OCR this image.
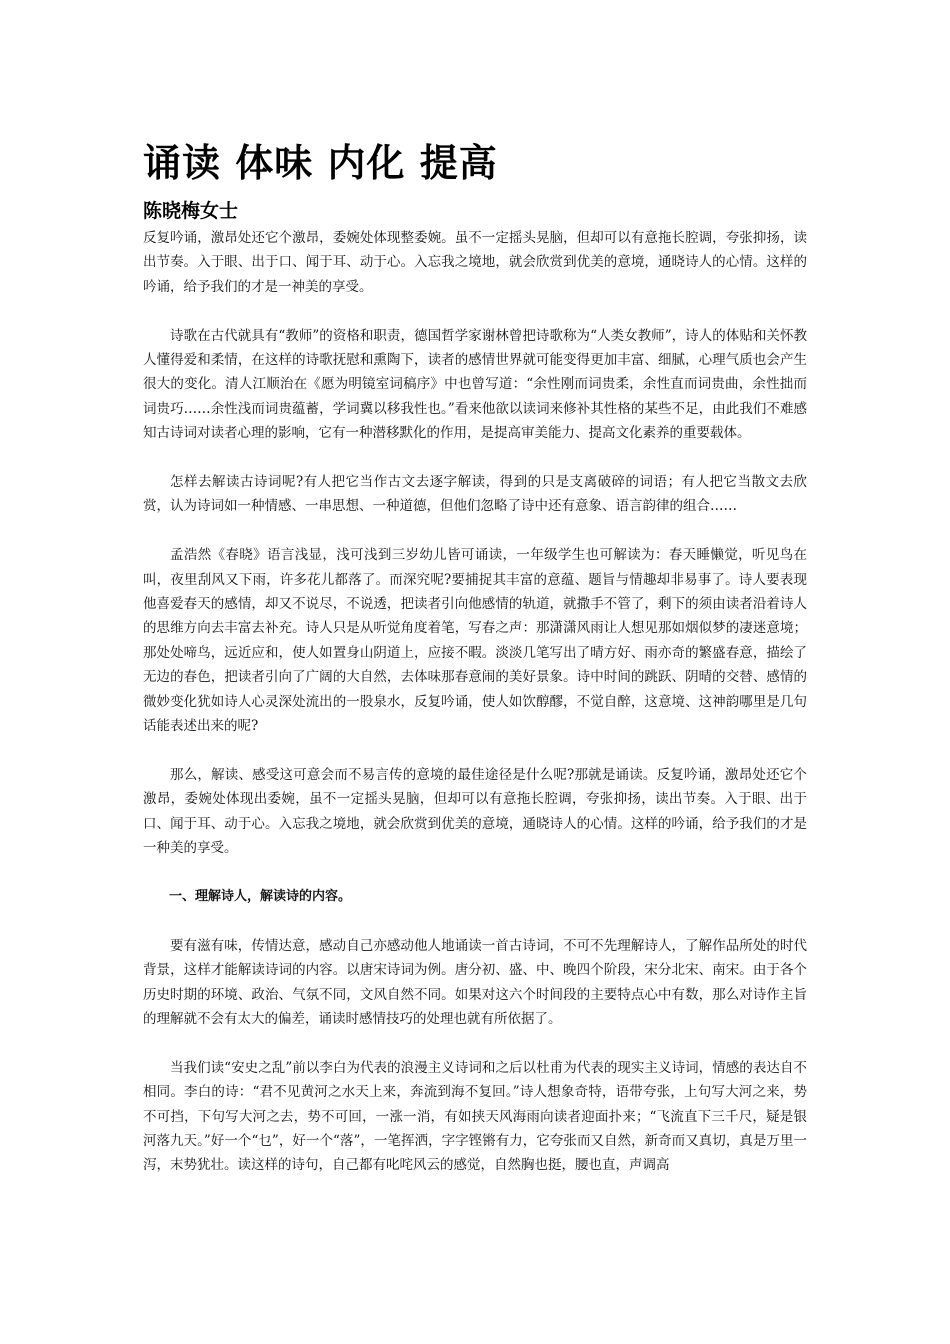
诵读 体味 内化 提高
陈晓梅女士

反复吟诵，激昂处还它个激昂，委婉处体现整委婉。虽不一定摇头晃脑，但却可以有意拖长腔调，夸张抑扬，读出节奏。入于眼、出于口、闻于耳、动于心。入忘我之境地，就会欣赏到优美的意境，通晓诗人的心情。这样的吟诵，给予我们的才是一神美的享受。

诗歌在古代就具有“教师”的资格和职责，德国哲学家谢林曾把诗歌称为“人类女教师”，诗人的体贴和关怀教人懂得爱和柔情，在这样的诗歌抚慰和熏陶下，读者的感情世界就可能变得更加丰富、细腻，心理气质也会产生很大的变化。清人江顺治在《愿为明镜室词稿序》中也曾写道：“余性刚而词贵柔，余性直而词贵曲，余性拙而词贵巧……余性浅而词贵蕴蓄，学词冀以移我性也。”看来他欲以读词来修补其性格的某些不足，由此我们不难感知古诗词对读者心理的影响，它有一种潜移默化的作用，是提高审美能力、提高文化素养的重要载体。

怎样去解读古诗词呢?有人把它当作古文去逐字解读，得到的只是支离破碎的词语；有人把它当散文去欣赏，认为诗词如一种情感、一串思想、一种道德，但他们忽略了诗中还有意象、语言韵律的组合……

孟浩然《春晓》语言浅显，浅可浅到三岁幼儿皆可诵读，一年级学生也可解读为：春天睡懒觉，听见鸟在叫，夜里刮风又下雨，许多花儿都落了。而深究呢?要捕捉其丰富的意蕴、题旨与情趣却非易事了。诗人要表现他喜爱春天的感情，却又不说尽，不说透，把读者引向他感情的轨道，就撒手不管了，剩下的须由读者沿着诗人的思维方向去丰富去补充。诗人只是从听觉角度着笔，写春之声：那潇潇风雨让人想见那如烟似梦的凄迷意境；那处处啼鸟，远近应和，使人如置身山阴道上，应接不暇。淡淡几笔写出了晴方好、雨亦奇的繁盛春意，描绘了无边的春色，把读者引向了广阔的大自然，去体味那春意闹的美好景象。诗中时间的跳跃、阴晴的交替、感情的微妙变化犹如诗人心灵深处流出的一股泉水，反复吟诵，使人如饮醇醪，不觉自醉，这意境、这神韵哪里是几句话能表述出来的呢?

那么，解读、感受这可意会而不易言传的意境的最佳途径是什么呢?那就是诵读。反复吟诵，激昂处还它个激昂，委婉处体现出委婉，虽不一定摇头晃脑，但却可以有意拖长腔调，夸张抑扬，读出节奏。入于眼、出于口、闻于耳、动于心。入忘我之境地，就会欣赏到优美的意境，通晓诗人的心情。这样的吟诵，给予我们的才是一种美的享受。

一、理解诗人，解读诗的内容。

要有滋有味，传情达意，感动自己亦感动他人地诵读一首古诗词，不可不先理解诗人，了解作品所处的时代背景，这样才能解读诗词的内容。以唐宋诗词为例。唐分初、盛、中、晚四个阶段，宋分北宋、南宋。由于各个历史时期的环境、政治、气氛不同，文风自然不同。如果对这六个时间段的主要特点心中有数，那么对诗作主旨的理解就不会有太大的偏差，诵读时感情技巧的处理也就有所依据了。

当我们读“安史之乱”前以李白为代表的浪漫主义诗词和之后以杜甫为代表的现实主义诗词，情感的表达自不相同。李白的诗：“君不见黄河之水天上来，奔流到海不复回。”诗人想象奇特，语带夸张，上句写大河之来，势不可挡，下句写大河之去，势不可回，一涨一消，有如挟天风海雨向读者迎面扑来；“飞流直下三千尺，疑是银河落九天。”好一个“乜”，好一个“落”，一笔挥洒，字字铿锵有力，它夸张而又自然，新奇而又真切，真是万里一泻，末势犹壮。读这样的诗句，自己都有叱咤风云的感觉，自然胸也挺，腰也直，声调高
